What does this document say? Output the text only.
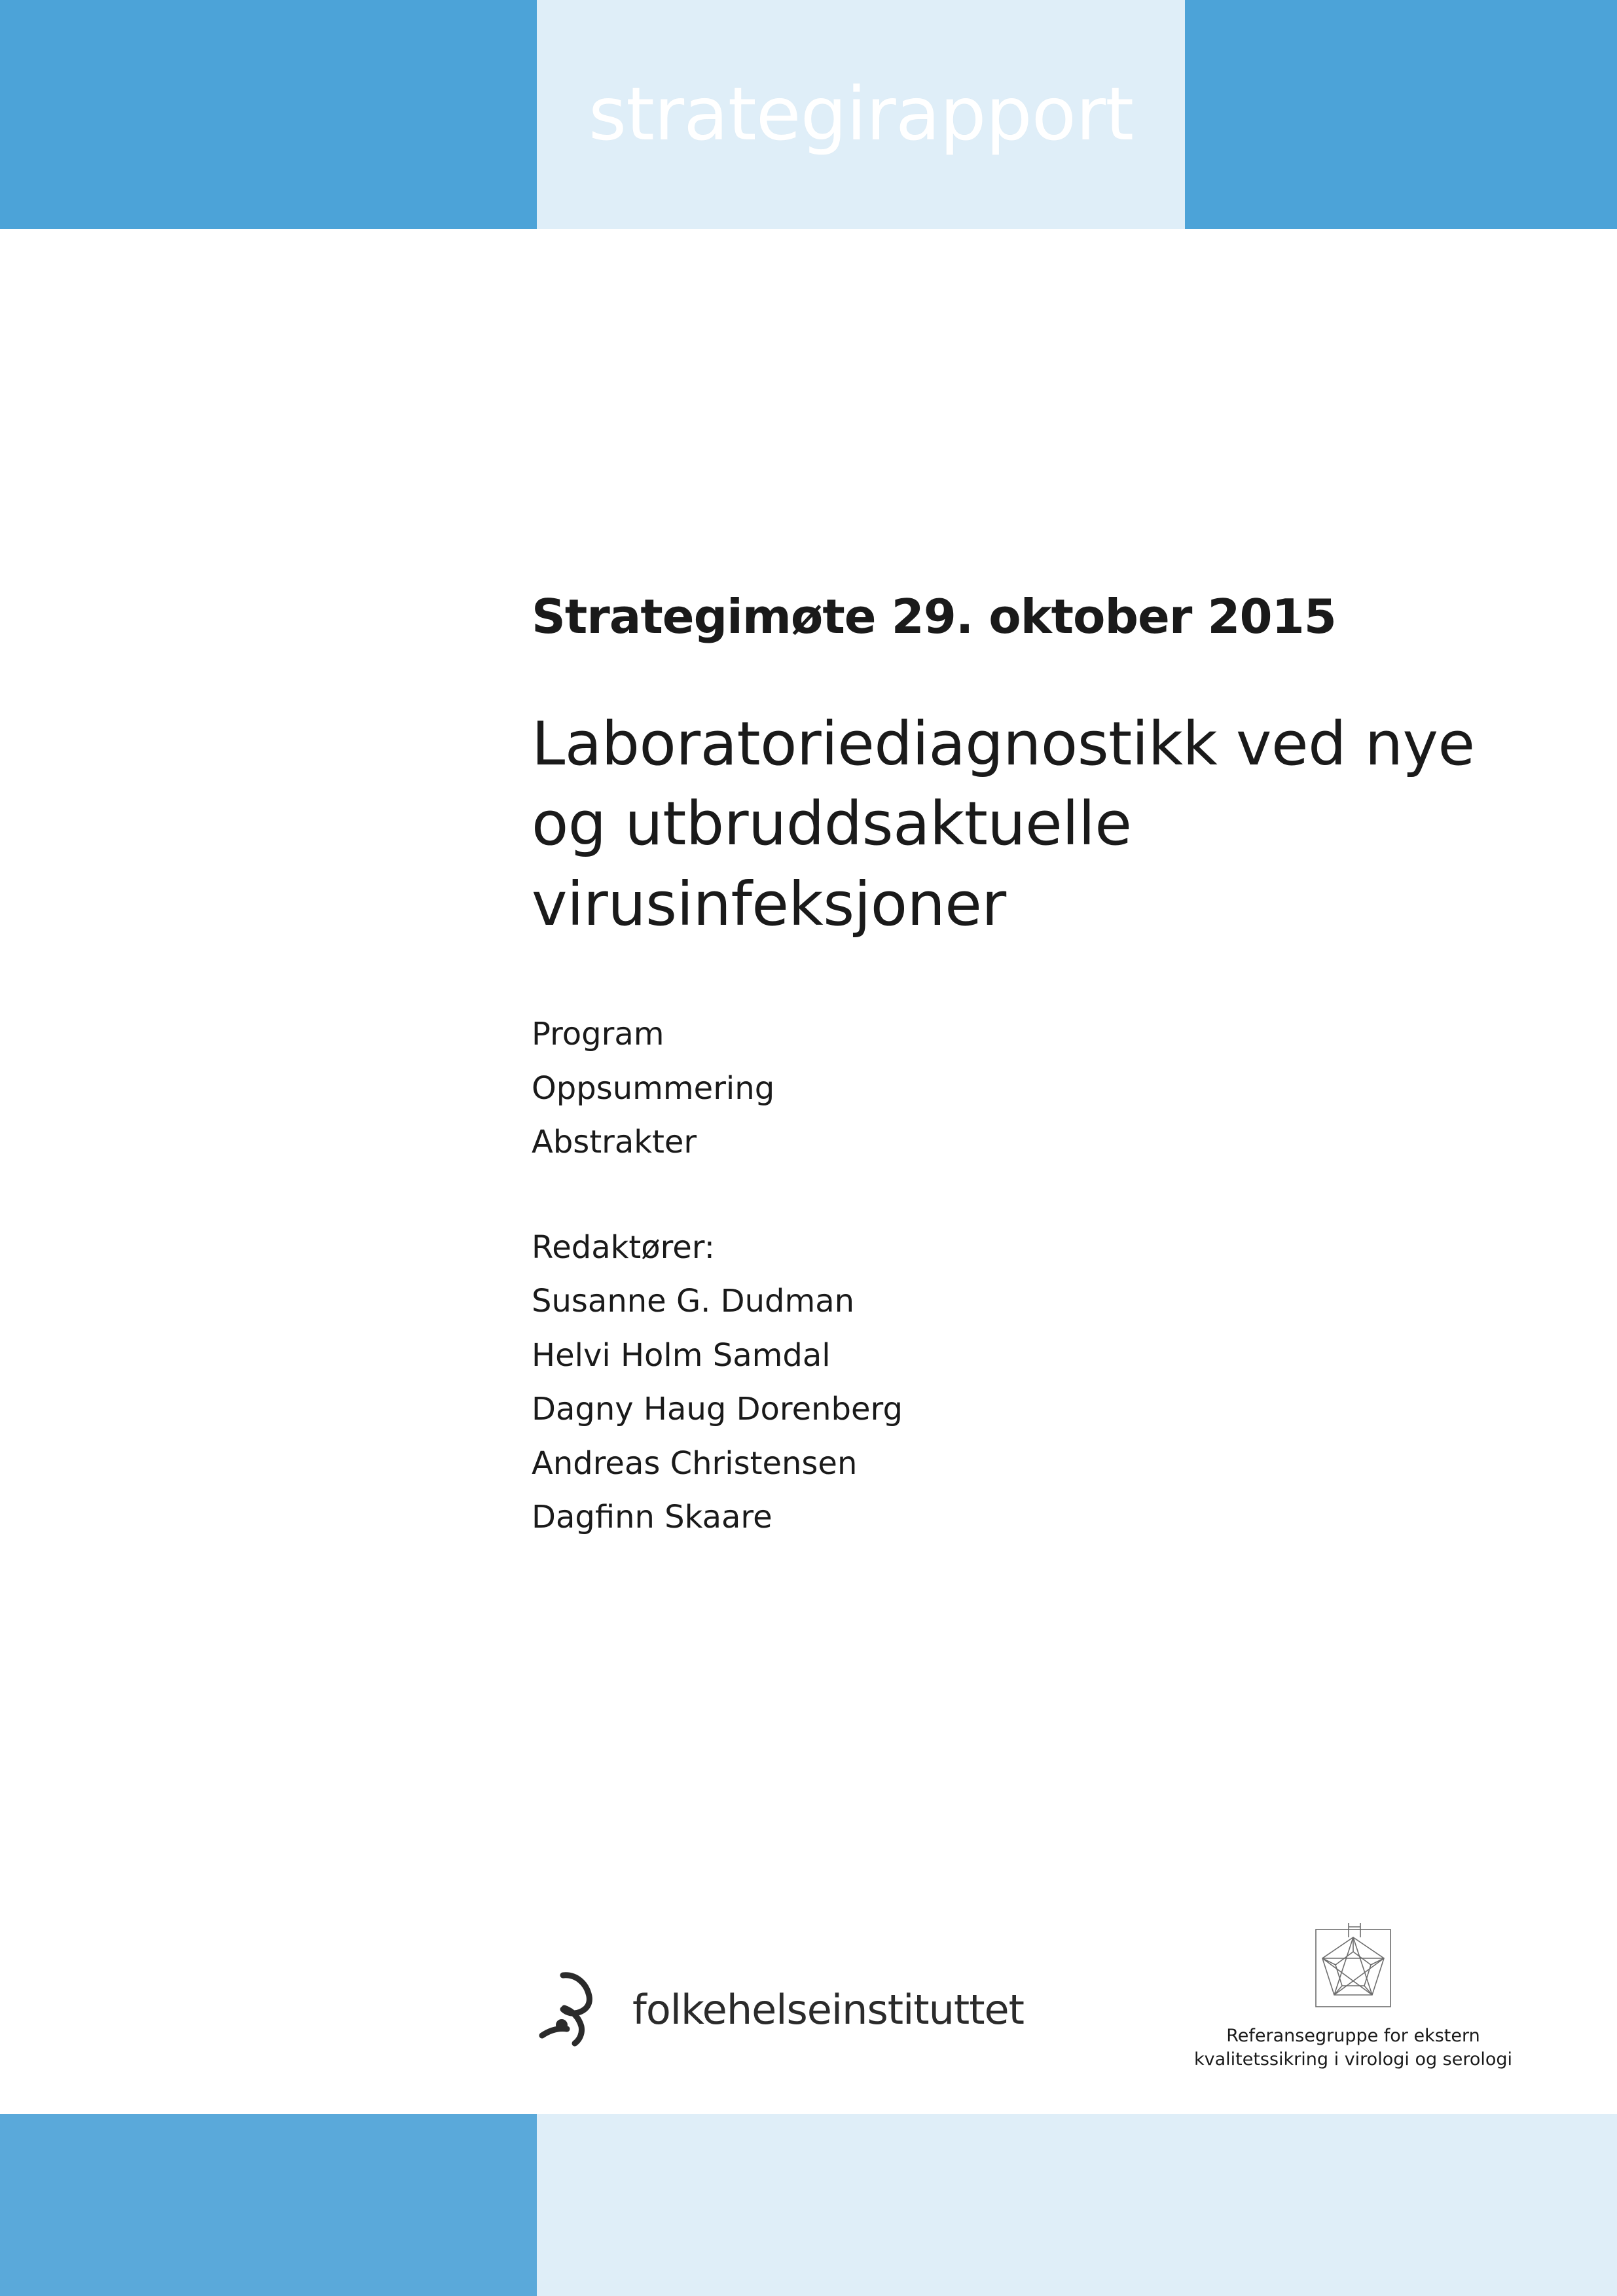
strategirapport
Strategimøte 29. oktober 2015
Laboratoriediagnostikk ved nye og utbruddsaktuelle virusinfeksjoner
Program
Oppsummering
Abstrakter
Redaktører:
Susanne G. Dudman
Helvi Holm Samdal
Dagny Haug Dorenberg
Andreas Christensen
Dagfinn Skaare
folkehelseinstituttet
Referansegruppe for ekstern
kvalitetssikring i virologi og serologi
